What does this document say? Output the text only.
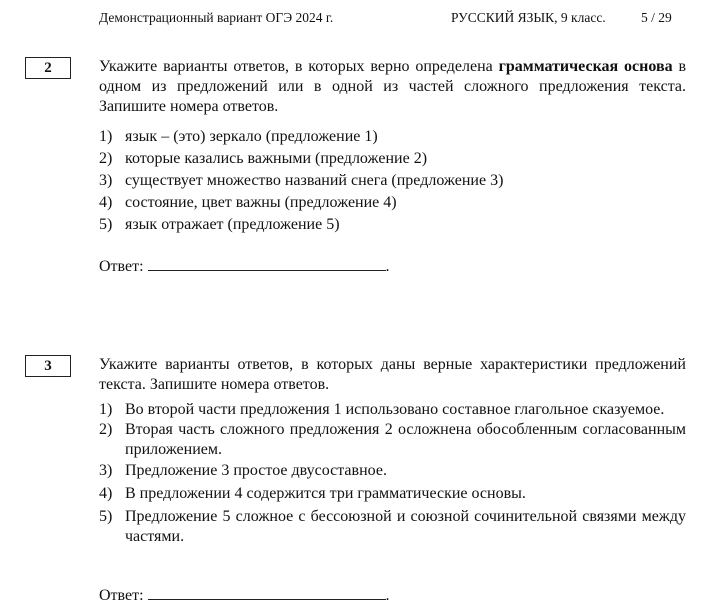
Демонстрационный вариант ОГЭ 2024 г.	РУССКИЙ ЯЗЫК, 9 класс.	5 / 29
2	Укажите варианты ответов, в которых верно определена грамматическая основа в одном из предложений или в одной из частей сложного предложения текста. Запишите номера ответов.
1) язык – (это) зеркало (предложение 1)
2) которые казались важными (предложение 2)
3) существует множество названий снега (предложение 3)
4) состояние, цвет важны (предложение 4)
5) язык отражает (предложение 5)
Ответ:	.
3	Укажите варианты ответов, в которых даны верные характеристики предложений текста. Запишите номера ответов.
1) Во второй части предложения 1 использовано составное глагольное сказуемое.
2) Вторая часть сложного предложения 2 осложнена обособленным согласованным приложением.
3) Предложение 3 простое двусоставное.
4) В предложении 4 содержится три грамматические основы.
5) Предложение 5 сложное с бессоюзной и союзной сочинительной связями между частями.
Ответ:	.
